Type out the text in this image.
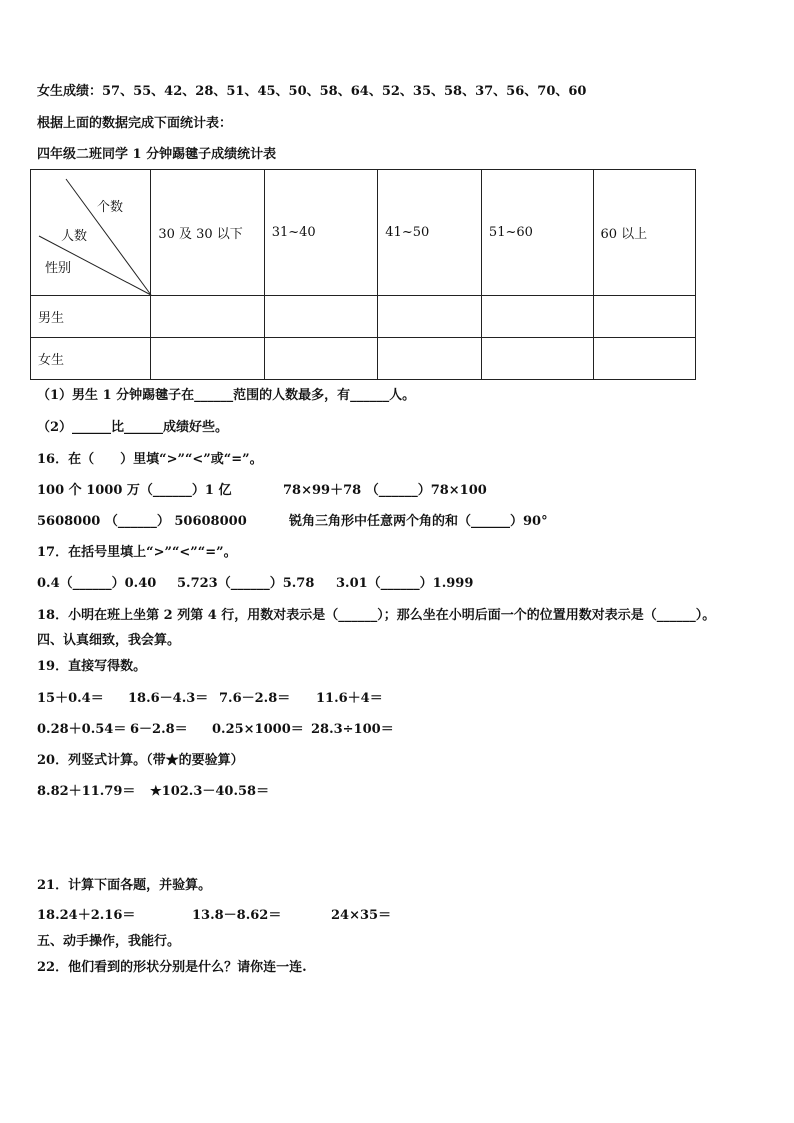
女生成绩：57、55、42、28、51、45、50、58、64、52、35、58、37、56、70、60
根据上面的数据完成下面统计表：
四年级二班同学 1 分钟踢毽子成绩统计表
个数
人数
性别	30 及 30 以下	31~40	41~50	51~60	60 以上
男生					
女生					
（1）男生 1 分钟踢毽子在______范围的人数最多，有______人。
（2）______比______成绩好些。
16．在（　　）里填“>”“<”或“=”。
100 个 1000 万（______）1 亿	78×99＋78 （______）78×100
5608000 （______） 50608000	锐角三角形中任意两个角的和（______）90°
17．在括号里填上“>”“<”“=”。
0.4（______）0.40 5.723（______）5.78 3.01（______）1.999
18．小明在班上坐第 2 列第 4 行，用数对表示是（______）；那么坐在小明后面一个的位置用数对表示是（______）。
四、认真细致，我会算。
19．直接写得数。
15＋0.4＝ 18.6－4.3＝ 7.6－2.8＝ 11.6＋4＝
0.28＋0.54＝ 6－2.8＝ 0.25×1000＝ 28.3÷100＝
20．列竖式计算。（带★的要验算）
8.82＋11.79＝ ★102.3－40.58＝
21．计算下面各题，并验算。
18.24＋2.16＝	13.8－8.62＝	24×35＝
五、动手操作，我能行。
22．他们看到的形状分别是什么？请你连一连.
